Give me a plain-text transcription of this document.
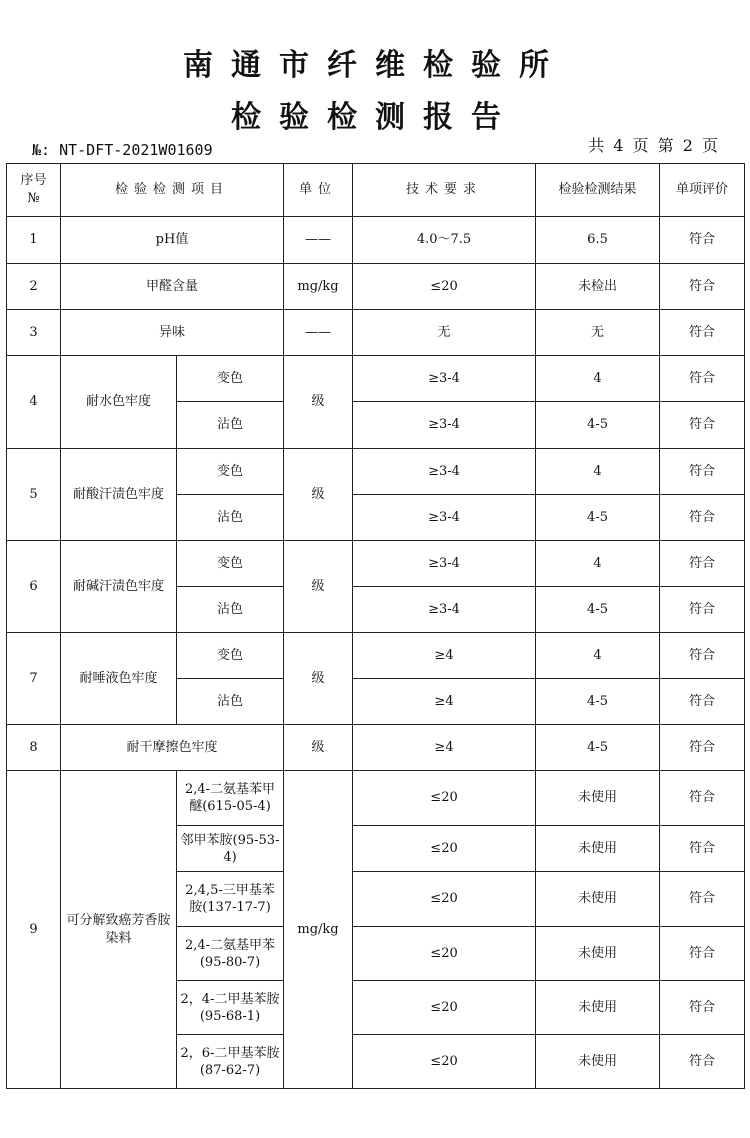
南通市纤维检验所
检验检测报告
№: NT-DFT-2021W01609	共 4 页 第 2 页
序号
№	检验检测项目		单位	技术要求	检验检测结果	单项评价
1	pH值		——	4.0～7.5	6.5	符合
2	甲醛含量		mg/kg	≤20	未检出	符合
3	异味		——	无	无	符合
4	耐水色牢度	变色	级	≥3-4	4	符合
		沾色		≥3-4	4-5	符合
5	耐酸汗渍色牢度	变色	级	≥3-4	4	符合
		沾色		≥3-4	4-5	符合
6	耐碱汗渍色牢度	变色	级	≥3-4	4	符合
		沾色		≥3-4	4-5	符合
7	耐唾液色牢度	变色	级	≥4	4	符合
		沾色		≥4	4-5	符合
8	耐干摩擦色牢度		级	≥4	4-5	符合
9	可分解致癌芳香胺染料	2,4-二氨基苯甲醚(615-05-4)	mg/kg	≤20	未使用	符合
		邻甲苯胺(95-53-4)		≤20	未使用	符合
		2,4,5-三甲基苯胺(137-17-7)		≤20	未使用	符合
		2,4-二氨基甲苯(95-80-7)		≤20	未使用	符合
		2，4-二甲基苯胺(95-68-1)		≤20	未使用	符合
		2，6-二甲基苯胺(87-62-7)		≤20	未使用	符合
